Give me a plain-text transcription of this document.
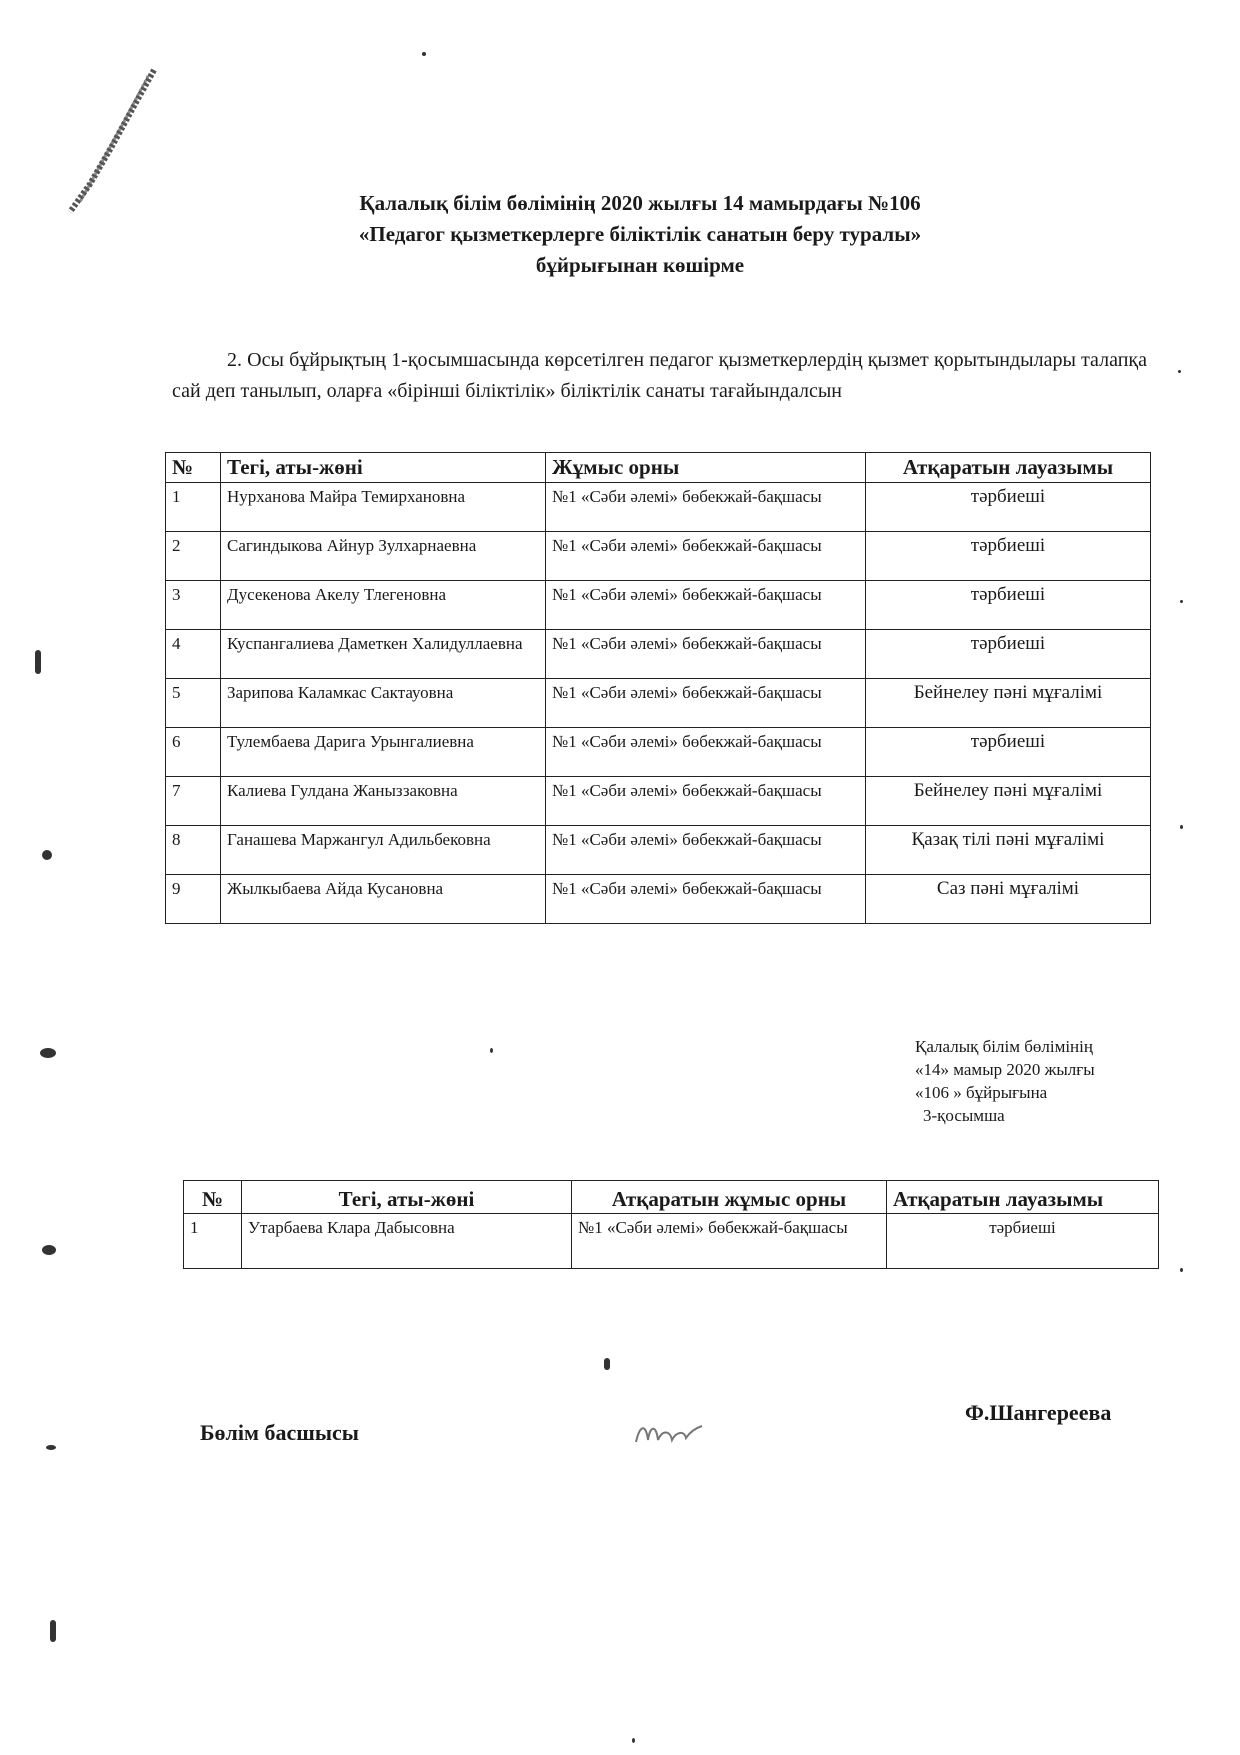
Қалалық білім бөлімінің 2020 жылғы 14 мамырдағы №106
«Педагог қызметкерлерге біліктілік санатын беру туралы»
бұйрығынан көшірме

2. Осы бұйрықтың 1-қосымшасында көрсетілген педагог қызметкерлердің қызмет қорытындылары талапқа сай деп танылып, оларға «бірінші біліктілік» біліктілік санаты тағайындалсын

№	Тегі, аты-жөні	Жұмыс орны	Атқаратын лауазымы
1	Нурханова Майра Темирхановна	№1 «Сәби әлемі» бөбекжай-бақшасы	тәрбиеші
2	Сагиндыкова Айнур Зулхарнаевна	№1 «Сәби әлемі» бөбекжай-бақшасы	тәрбиеші
3	Дусекенова Акелу Тлегеновна	№1 «Сәби әлемі» бөбекжай-бақшасы	тәрбиеші
4	Куспангалиева Даметкен Халидуллаевна	№1 «Сәби әлемі» бөбекжай-бақшасы	тәрбиеші
5	Зарипова Каламкас Сактауовна	№1 «Сәби әлемі» бөбекжай-бақшасы	Бейнелеу пәні мұғалімі
6	Тулембаева Дарига Урынгалиевна	№1 «Сәби әлемі» бөбекжай-бақшасы	тәрбиеші
7	Калиева Гулдана Жаныззаковна	№1 «Сәби әлемі» бөбекжай-бақшасы	Бейнелеу пәні мұғалімі
8	Ганашева Маржангул Адильбековна	№1 «Сәби әлемі» бөбекжай-бақшасы	Қазақ тілі пәні мұғалімі
9	Жылкыбаева Айда Кусановна	№1 «Сәби әлемі» бөбекжай-бақшасы	Саз пәні мұғалімі
Қалалық білім бөлімінің
«14» мамыр 2020 жылғы
«106 » бұйрығына
3-қосымша
№	Тегі, аты-жөні	Атқаратын жұмыс орны	Атқаратын лауазымы
1	Утарбаева Клара Дабысовна	№1 «Сәби әлемі» бөбекжай-бақшасы	тәрбиеші
Бөлім басшысы
Ф.Шангереева
